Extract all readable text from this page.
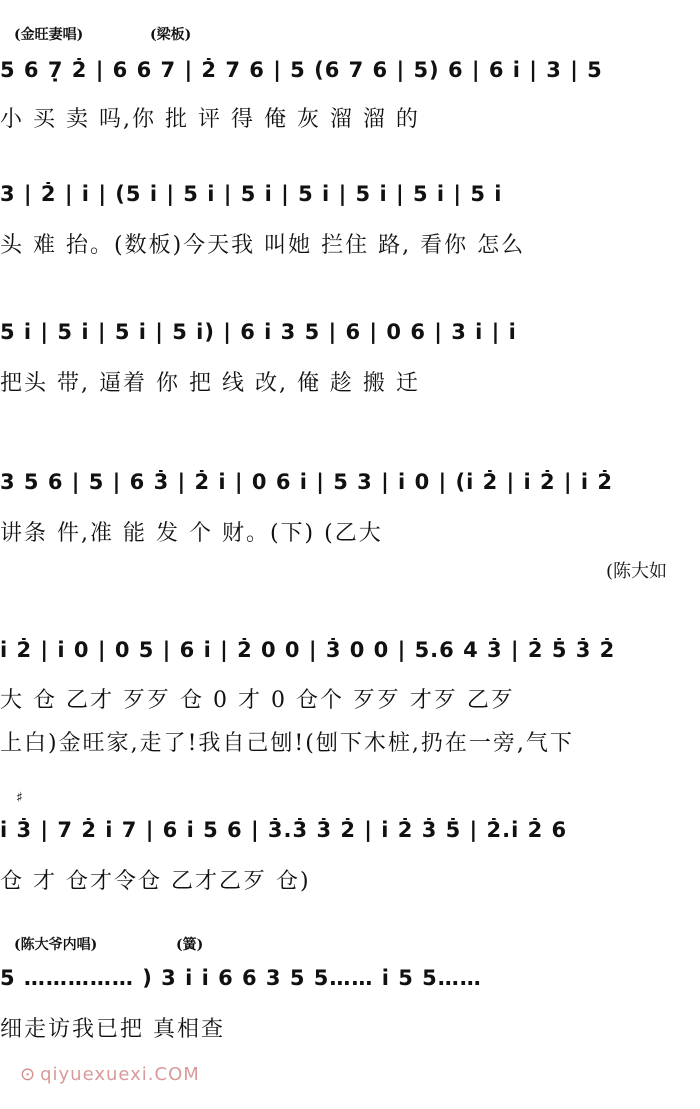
(金旺妻唱)	(梁板)
5 6 7̣ 2̇ | 6 6 7 | 2̇ 7 6 | 5 (6 7 6 | 5) 6 | 6 i | 3 | 5
小 买 卖 吗,你 批 评 得 俺 灰 溜 溜 的
3 | 2̇ | i | (5 i | 5 i | 5 i | 5 i | 5 i | 5 i | 5 i
头 难 抬。(数板)今天我 叫她 拦住 路, 看你 怎么
5 i | 5 i | 5 i | 5 i) | 6 i 3 5 | 6 | 0 6 | 3 i | i
把头 带, 逼着 你 把 线 改, 俺 趁 搬 迁
3 5 6 | 5 | 6 3̇ | 2̇ i | 0 6 i | 5 3 | i 0 | (i 2̇ | i 2̇ | i 2̇
讲条 件,准 能 发 个 财。(下) (乙大
(陈大如
i 2̇ | i 0 | 0 5 | 6 i | 2̇ 0 0 | 3̇ 0 0 | 5.6 4 3̇ | 2̇ 5̇ 3̇ 2̇
大 仓 乙才 歹歹 仓 0 才 0 仓个 歹歹 才歹 乙歹
上白)金旺家,走了!我自己刨!(刨下木桩,扔在一旁,气下
♯
i 3̇ | 7 2̇ i 7 | 6 i 5 6 | 3̇.3̇ 3̇ 2̇ | i 2̇ 3̇ 5̇ | 2̇.i 2̇ 6
仓 才 仓才令仓 乙才乙歹 仓)
(陈大爷内唱)	(簧)
5 …………… ) 3 i i 6 6 3 5 5…… i 5 5……
细走访我已把 真相查
⊙ qiyuexuexi.COM
